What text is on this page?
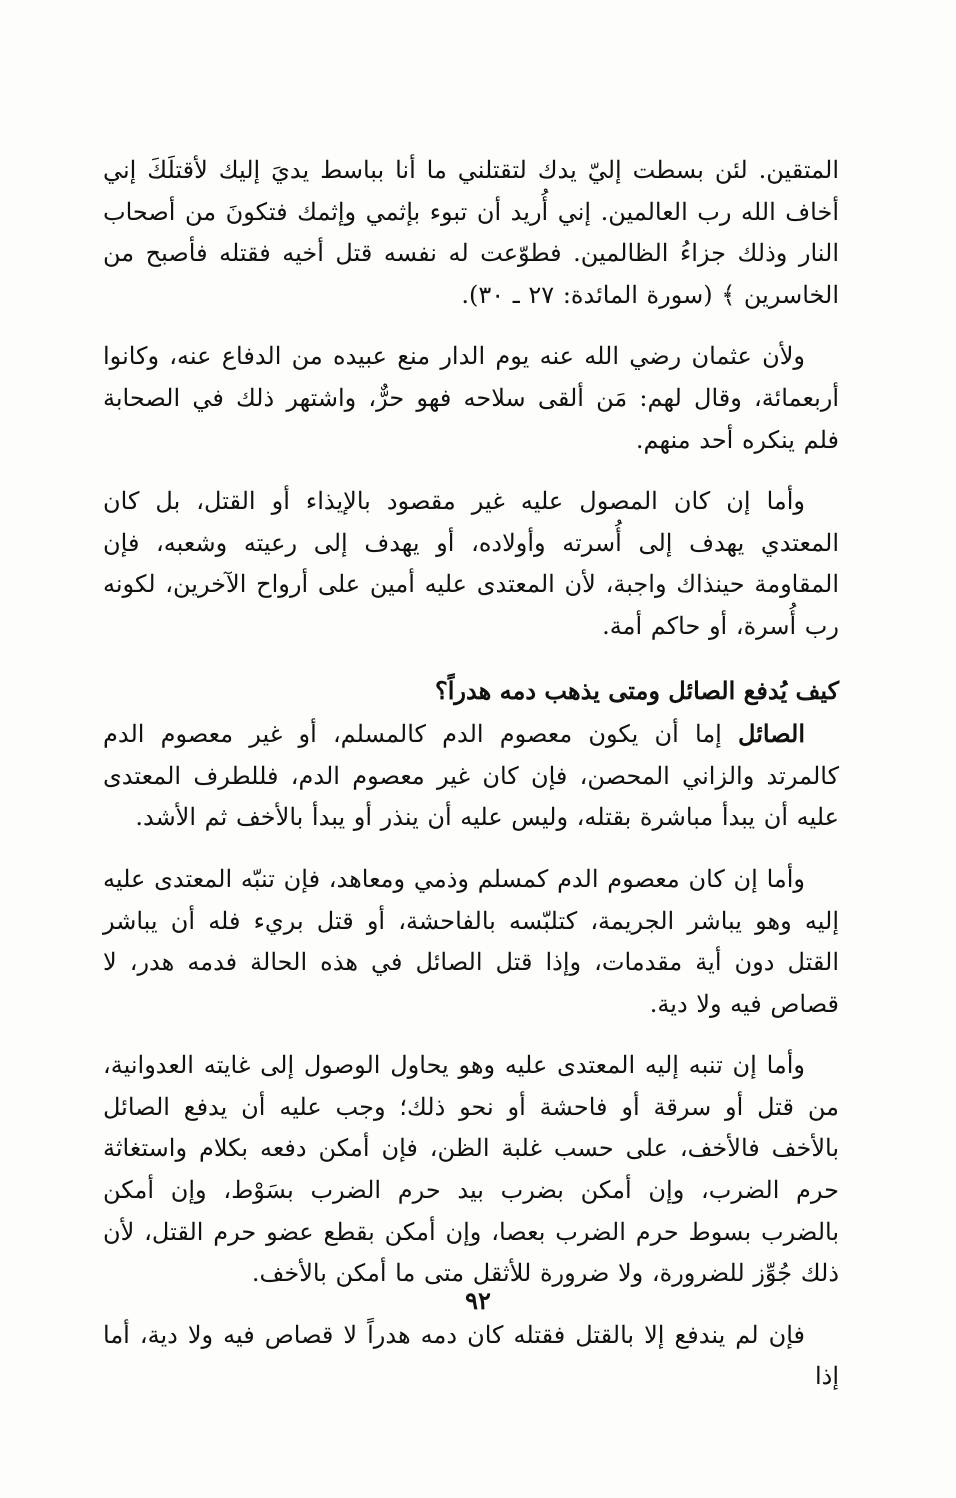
المتقين. لئن بسطت إليّ يدك لتقتلني ما أنا بباسط يديَ إليك لأقتلَكَ إني أخاف الله رب العالمين. إني أُريد أن تبوء بإثمي وإثمك فتكونَ من أصحاب النار وذلك جزاءُ الظالمين. فطوّعت له نفسه قتل أخيه فقتله فأصبح من الخاسرين ﴾ (سورة المائدة: ٢٧ ـ ٣٠).

ولأن عثمان رضي الله عنه يوم الدار منع عبيده من الدفاع عنه، وكانوا أربعمائة، وقال لهم: مَن ألقى سلاحه فهو حرٌّ، واشتهر ذلك في الصحابة فلم ينكره أحد منهم.

وأما إن كان المصول عليه غير مقصود بالإيذاء أو القتل، بل كان المعتدي يهدف إلى أُسرته وأولاده، أو يهدف إلى رعيته وشعبه، فإن المقاومة حينذاك واجبة، لأن المعتدى عليه أمين على أرواح الآخرين، لكونه رب أُسرة، أو حاكم أمة.

كيف يُدفع الصائل ومتى يذهب دمه هدراً؟

الصائل إما أن يكون معصوم الدم كالمسلم، أو غير معصوم الدم كالمرتد والزاني المحصن، فإن كان غير معصوم الدم، فللطرف المعتدى عليه أن يبدأ مباشرة بقتله، وليس عليه أن ينذر أو يبدأ بالأخف ثم الأشد.

وأما إن كان معصوم الدم كمسلم وذمي ومعاهد، فإن تنبّه المعتدى عليه إليه وهو يباشر الجريمة، كتلبّسه بالفاحشة، أو قتل بريء فله أن يباشر القتل دون أية مقدمات، وإذا قتل الصائل في هذه الحالة فدمه هدر، لا قصاص فيه ولا دية.

وأما إن تنبه إليه المعتدى عليه وهو يحاول الوصول إلى غايته العدوانية، من قتل أو سرقة أو فاحشة أو نحو ذلك؛ وجب عليه أن يدفع الصائل بالأخف فالأخف، على حسب غلبة الظن، فإن أمكن دفعه بكلام واستغاثة حرم الضرب، وإن أمكن بضرب بيد حرم الضرب بسَوْط، وإن أمكن بالضرب بسوط حرم الضرب بعصا، وإن أمكن بقطع عضو حرم القتل، لأن ذلك جُوِّز للضرورة، ولا ضرورة للأثقل متى ما أمكن بالأخف.

فإن لم يندفع إلا بالقتل فقتله كان دمه هدراً لا قصاص فيه ولا دية، أما إذا

٩٢
